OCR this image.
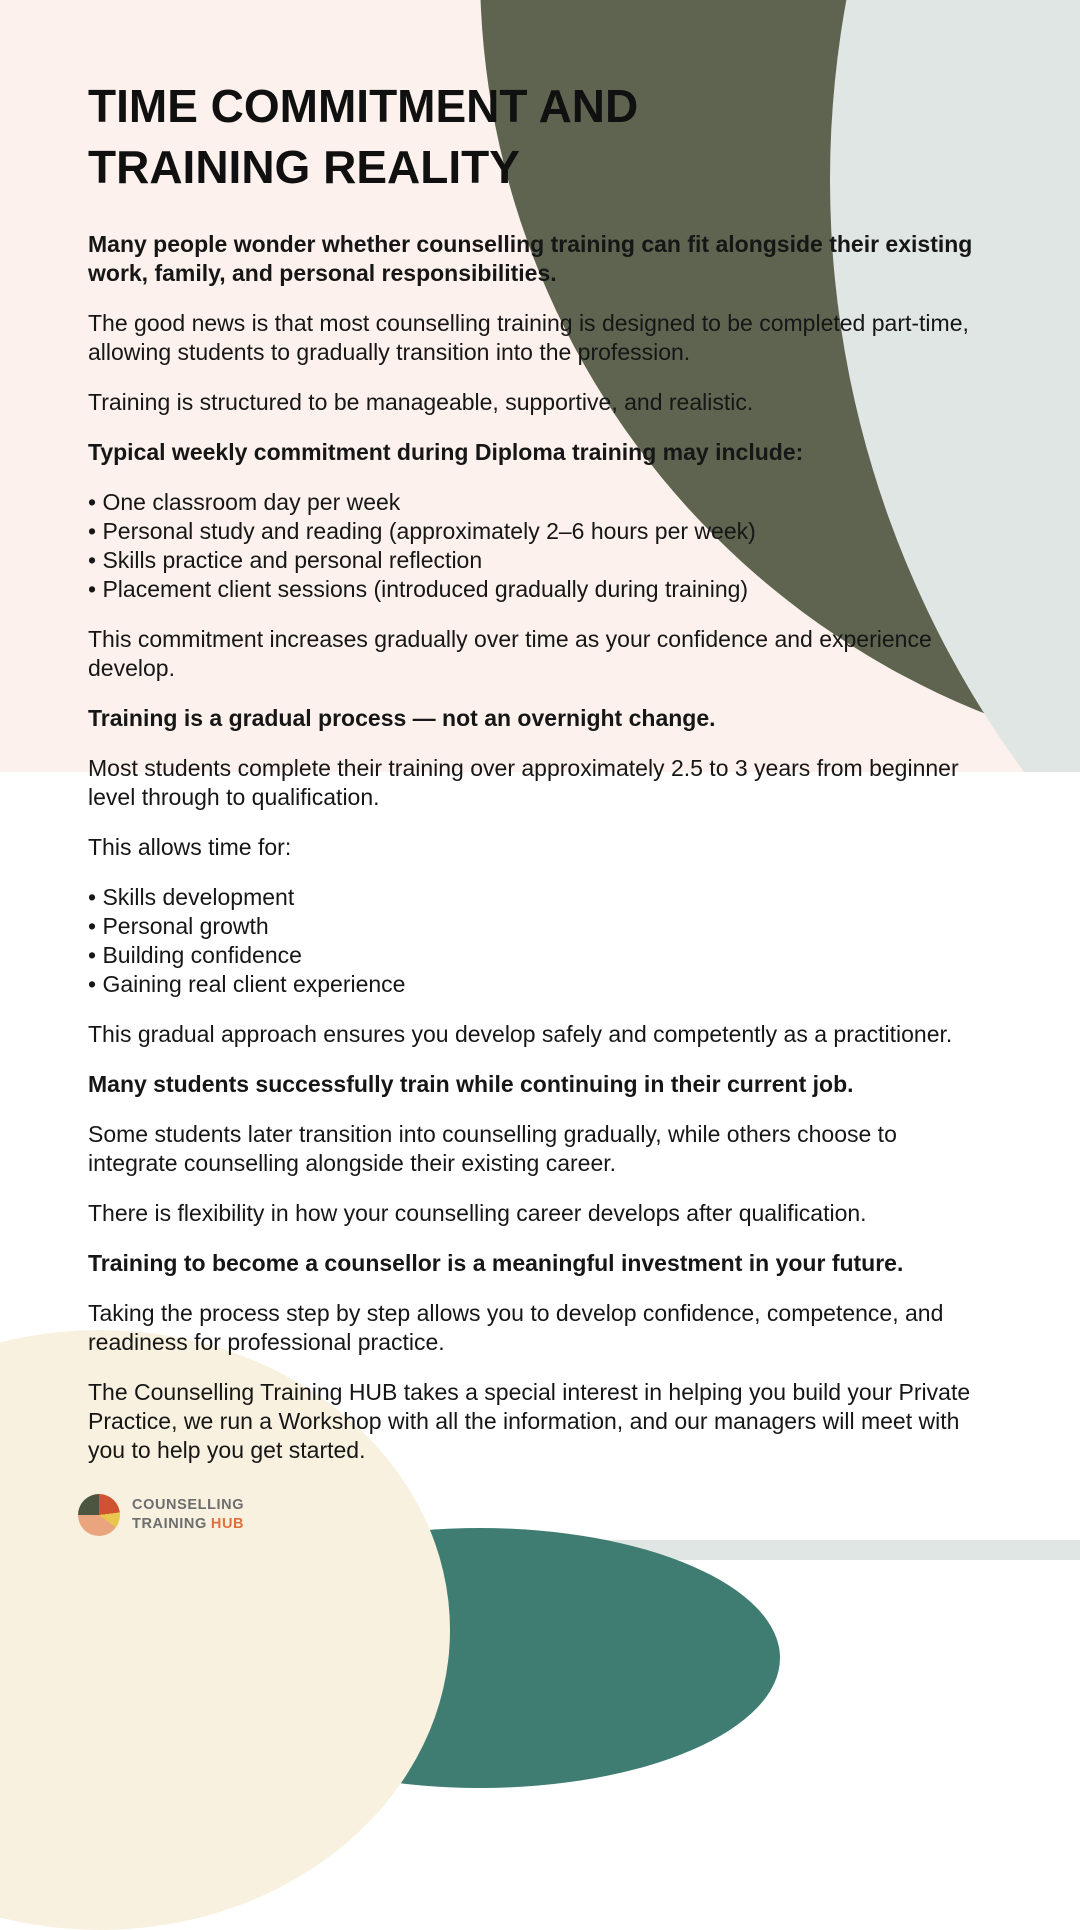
TIME COMMITMENT AND
TRAINING REALITY

Many people wonder whether counselling training can fit alongside their existing work, family, and personal responsibilities.

The good news is that most counselling training is designed to be completed part-time, allowing students to gradually transition into the profession.

Training is structured to be manageable, supportive, and realistic.

Typical weekly commitment during Diploma training may include:

• One classroom day per week
• Personal study and reading (approximately 2–6 hours per week)
• Skills practice and personal reflection
• Placement client sessions (introduced gradually during training)

This commitment increases gradually over time as your confidence and experience develop.

Training is a gradual process — not an overnight change.

Most students complete their training over approximately 2.5 to 3 years from beginner level through to qualification.

This allows time for:

• Skills development
• Personal growth
• Building confidence
• Gaining real client experience

This gradual approach ensures you develop safely and competently as a practitioner.

Many students successfully train while continuing in their current job.

Some students later transition into counselling gradually, while others choose to integrate counselling alongside their existing career.

There is flexibility in how your counselling career develops after qualification.

Training to become a counsellor is a meaningful investment in your future.

Taking the process step by step allows you to develop confidence, competence, and readiness for professional practice.

The Counselling Training HUB takes a special interest in helping you build your Private Practice, we run a Workshop with all the information, and our managers will meet with you to help you get started.

COUNSELLING
TRAINING HUB
